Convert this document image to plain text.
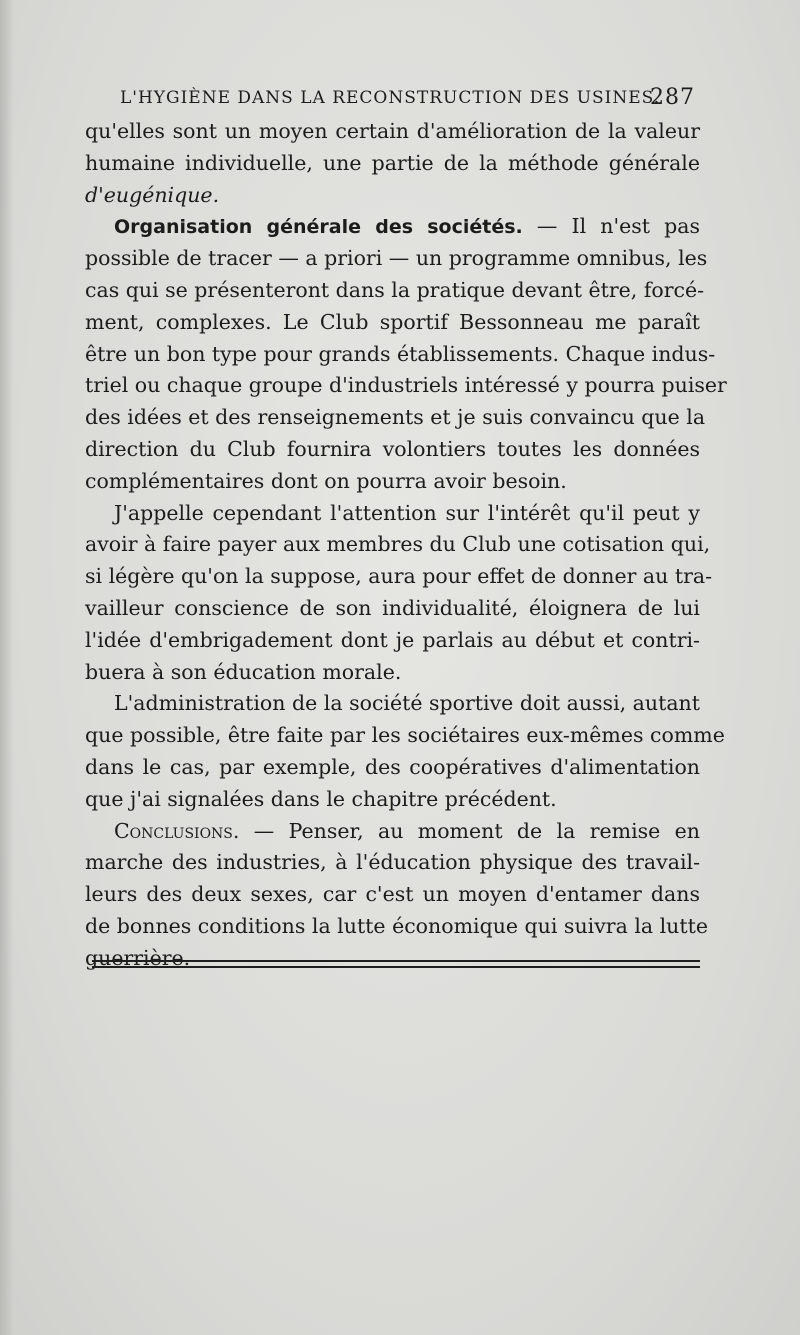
L'HYGIÈNE DANS LA RECONSTRUCTION DES USINES.
287
qu'elles sont un moyen certain d'amélioration de la valeur
humaine individuelle, une partie de la méthode générale
d'eugénique.
Organisation générale des sociétés. — Il n'est pas
possible de tracer — a priori — un programme omnibus, les
cas qui se présenteront dans la pratique devant être, forcé-
ment, complexes. Le Club sportif Bessonneau me paraît
être un bon type pour grands établissements. Chaque indus-
triel ou chaque groupe d'industriels intéressé y pourra puiser
des idées et des renseignements et je suis convaincu que la
direction du Club fournira volontiers toutes les données
complémentaires dont on pourra avoir besoin.
J'appelle cependant l'attention sur l'intérêt qu'il peut y
avoir à faire payer aux membres du Club une cotisation qui,
si légère qu'on la suppose, aura pour effet de donner au tra-
vailleur conscience de son individualité, éloignera de lui
l'idée d'embrigadement dont je parlais au début et contri-
buera à son éducation morale.
L'administration de la société sportive doit aussi, autant
que possible, être faite par les sociétaires eux-mêmes comme
dans le cas, par exemple, des coopératives d'alimentation
que j'ai signalées dans le chapitre précédent.
Conclusions. — Penser, au moment de la remise en
marche des industries, à l'éducation physique des travail-
leurs des deux sexes, car c'est un moyen d'entamer dans
de bonnes conditions la lutte économique qui suivra la lutte
guerrière.
